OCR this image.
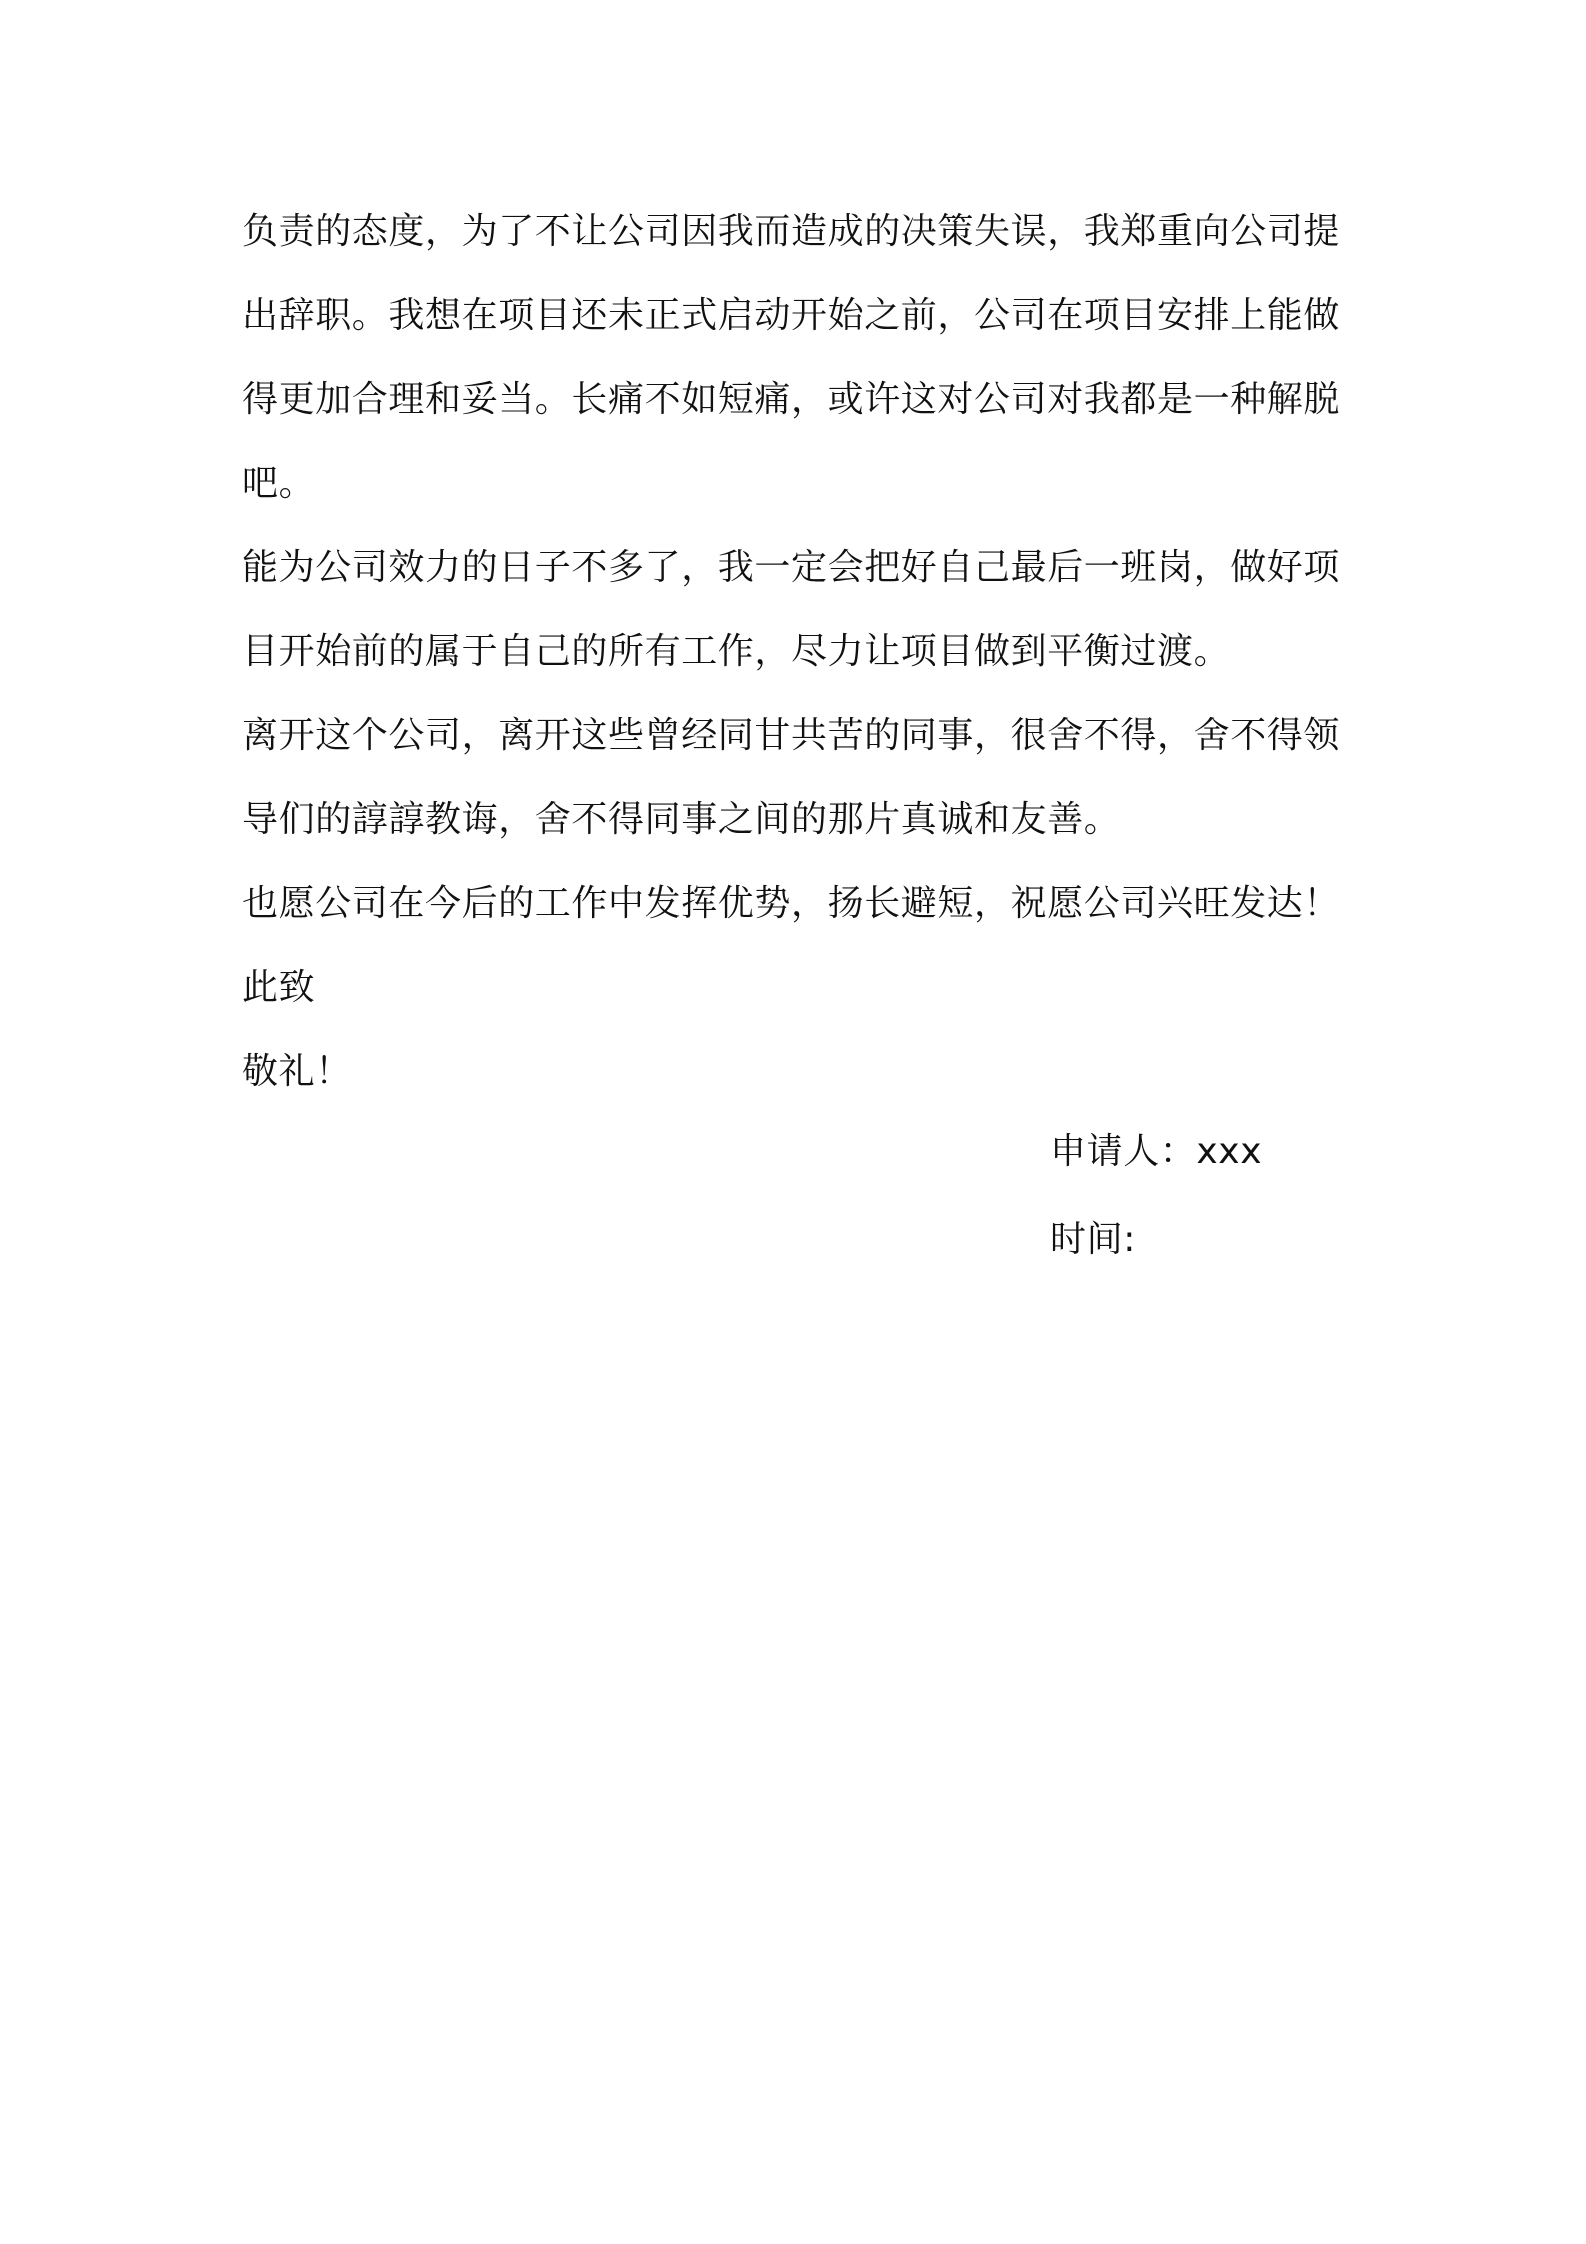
负责的态度，为了不让公司因我而造成的决策失误，我郑重向公司提
出辞职。我想在项目还未正式启动开始之前，公司在项目安排上能做
得更加合理和妥当。长痛不如短痛，或许这对公司对我都是一种解脱
吧。
能为公司效力的日子不多了，我一定会把好自己最后一班岗，做好项
目开始前的属于自己的所有工作，尽力让项目做到平衡过渡。
离开这个公司，离开这些曾经同甘共苦的同事，很舍不得，舍不得领
导们的諄諄教诲，舍不得同事之间的那片真诚和友善。
也愿公司在今后的工作中发挥优势，扬长避短，祝愿公司兴旺发达！
此致
敬礼！
申请人：xxx
时间:
